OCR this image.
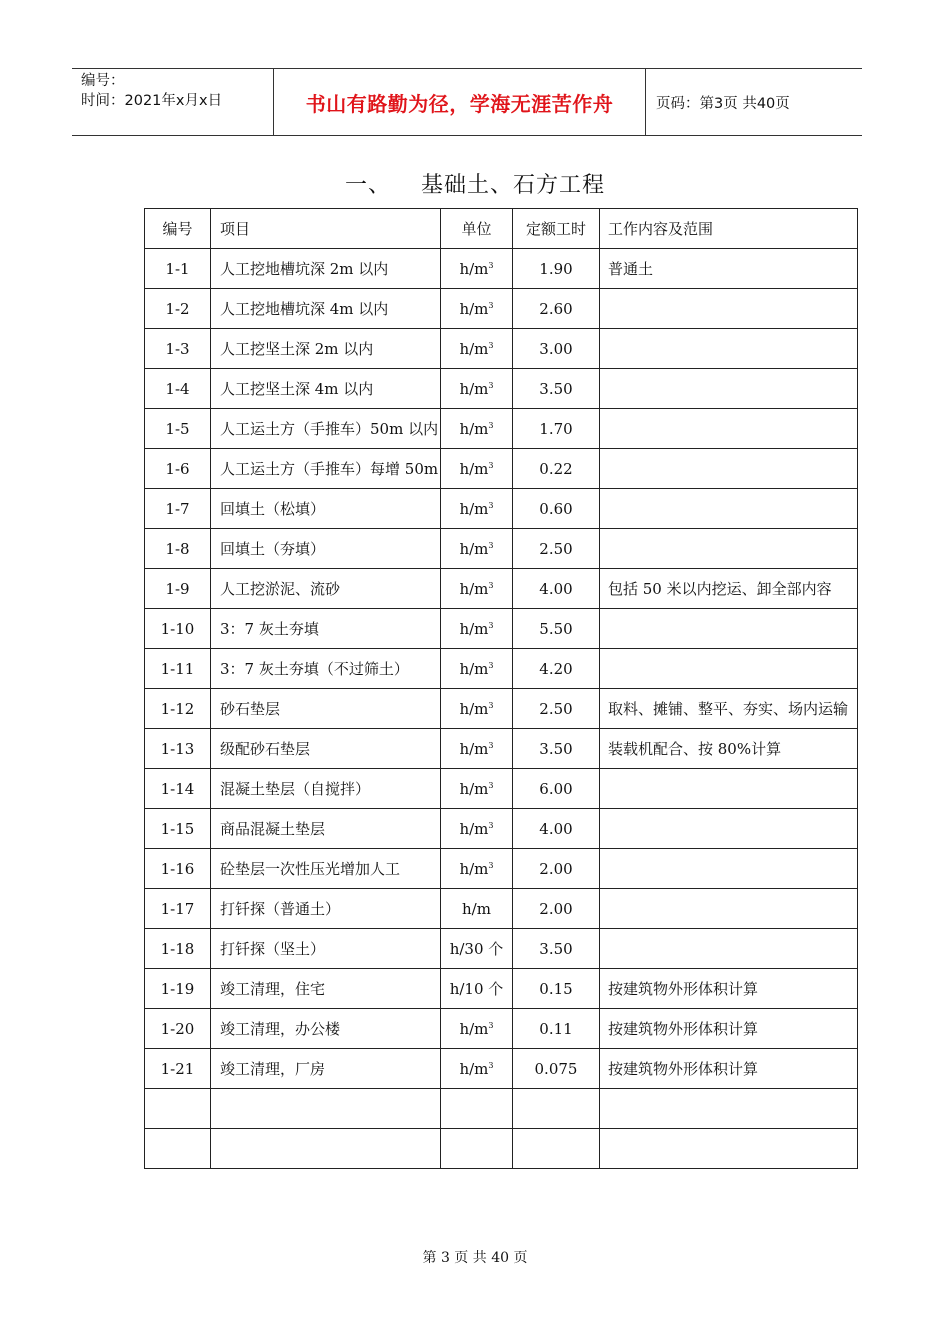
编号：
时间：2021年x月x日	书山有路勤为径，学海无涯苦作舟	页码：第3页 共40页
一、 基础土、石方工程
编号	项目	单位	定额工时	工作内容及范围
1-1	人工挖地槽坑深 2m 以内	$h/m^3$	1.90	普通土
1-2	人工挖地槽坑深 4m 以内	$h/m^3$	2.60	
1-3	人工挖坚土深 2m 以内	$h/m^3$	3.00	
1-4	人工挖坚土深 4m 以内	$h/m^3$	3.50	
1-5	人工运土方（手推车）50m 以内	$h/m^3$	1.70	
1-6	人工运土方（手推车）每增 50m	$h/m^3$	0.22	
1-7	回填土（松填）	$h/m^3$	0.60	
1-8	回填土（夯填）	$h/m^3$	2.50	
1-9	人工挖淤泥、流砂	$h/m^3$	4.00	包括 50 米以内挖运、卸全部内容
1-10	3：7 灰土夯填	$h/m^3$	5.50	
1-11	3：7 灰土夯填（不过筛土）	$h/m^3$	4.20	
1-12	砂石垫层	$h/m^3$	2.50	取料、摊铺、整平、夯实、场内运输
1-13	级配砂石垫层	$h/m^3$	3.50	装载机配合、按 80%计算
1-14	混凝土垫层（自搅拌）	$h/m^3$	6.00	
1-15	商品混凝土垫层	$h/m^3$	4.00	
1-16	砼垫层一次性压光增加人工	$h/m^3$	2.00	
1-17	打钎探（普通土）	h/m	2.00	
1-18	打钎探（坚土）	h/30 个	3.50	
1-19	竣工清理，住宅	h/10 个	0.15	按建筑物外形体积计算
1-20	竣工清理，办公楼	$h/m^3$	0.11	按建筑物外形体积计算
1-21	竣工清理，厂房	$h/m^3$	0.075	按建筑物外形体积计算

第 3 页 共 40 页
